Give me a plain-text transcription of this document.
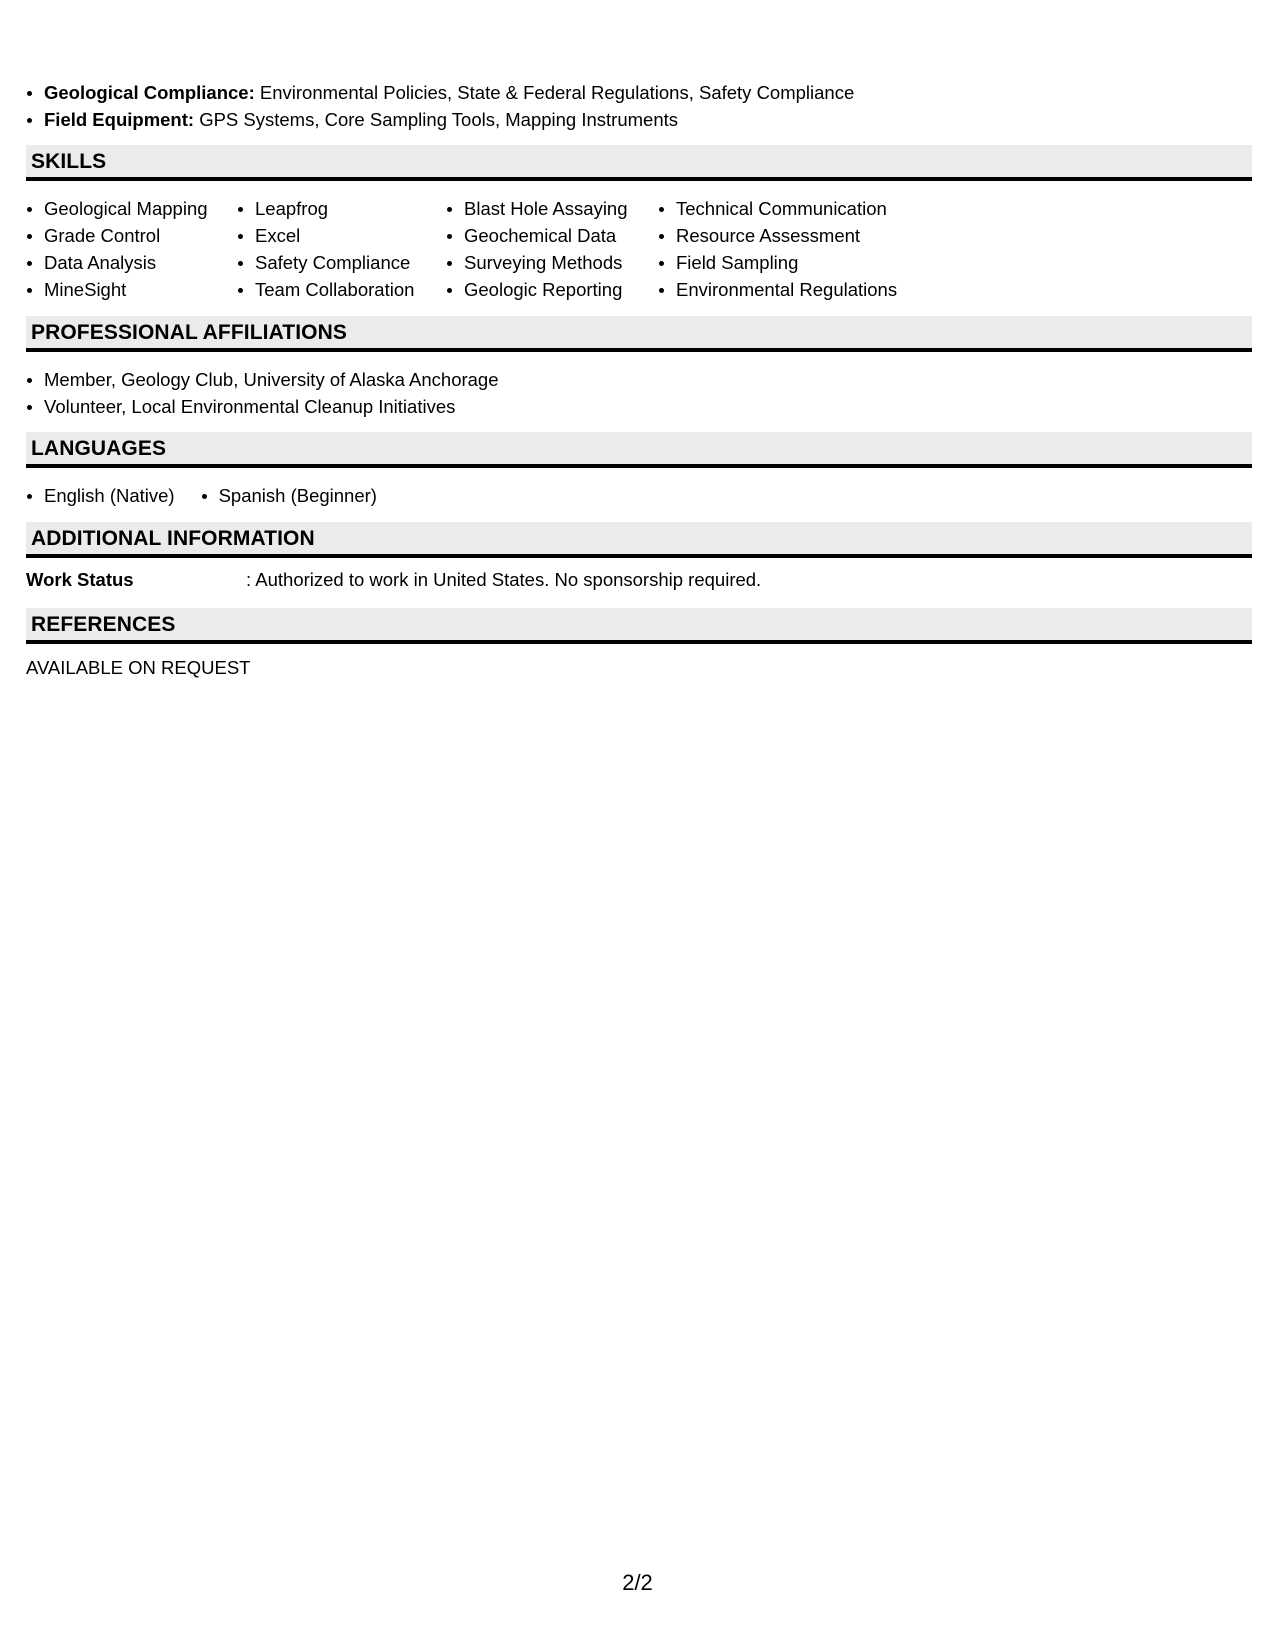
Geological Compliance: Environmental Policies, State & Federal Regulations, Safety Compliance
Field Equipment: GPS Systems, Core Sampling Tools, Mapping Instruments
SKILLS
Geological Mapping
Grade Control
Data Analysis
MineSight
Leapfrog
Excel
Safety Compliance
Team Collaboration
Blast Hole Assaying
Geochemical Data
Surveying Methods
Geologic Reporting
Technical Communication
Resource Assessment
Field Sampling
Environmental Regulations
PROFESSIONAL AFFILIATIONS
Member, Geology Club, University of Alaska Anchorage
Volunteer, Local Environmental Cleanup Initiatives
LANGUAGES
English (Native)	Spanish (Beginner)
ADDITIONAL INFORMATION
Work Status	: Authorized to work in United States. No sponsorship required.
REFERENCES
AVAILABLE ON REQUEST
2/2
